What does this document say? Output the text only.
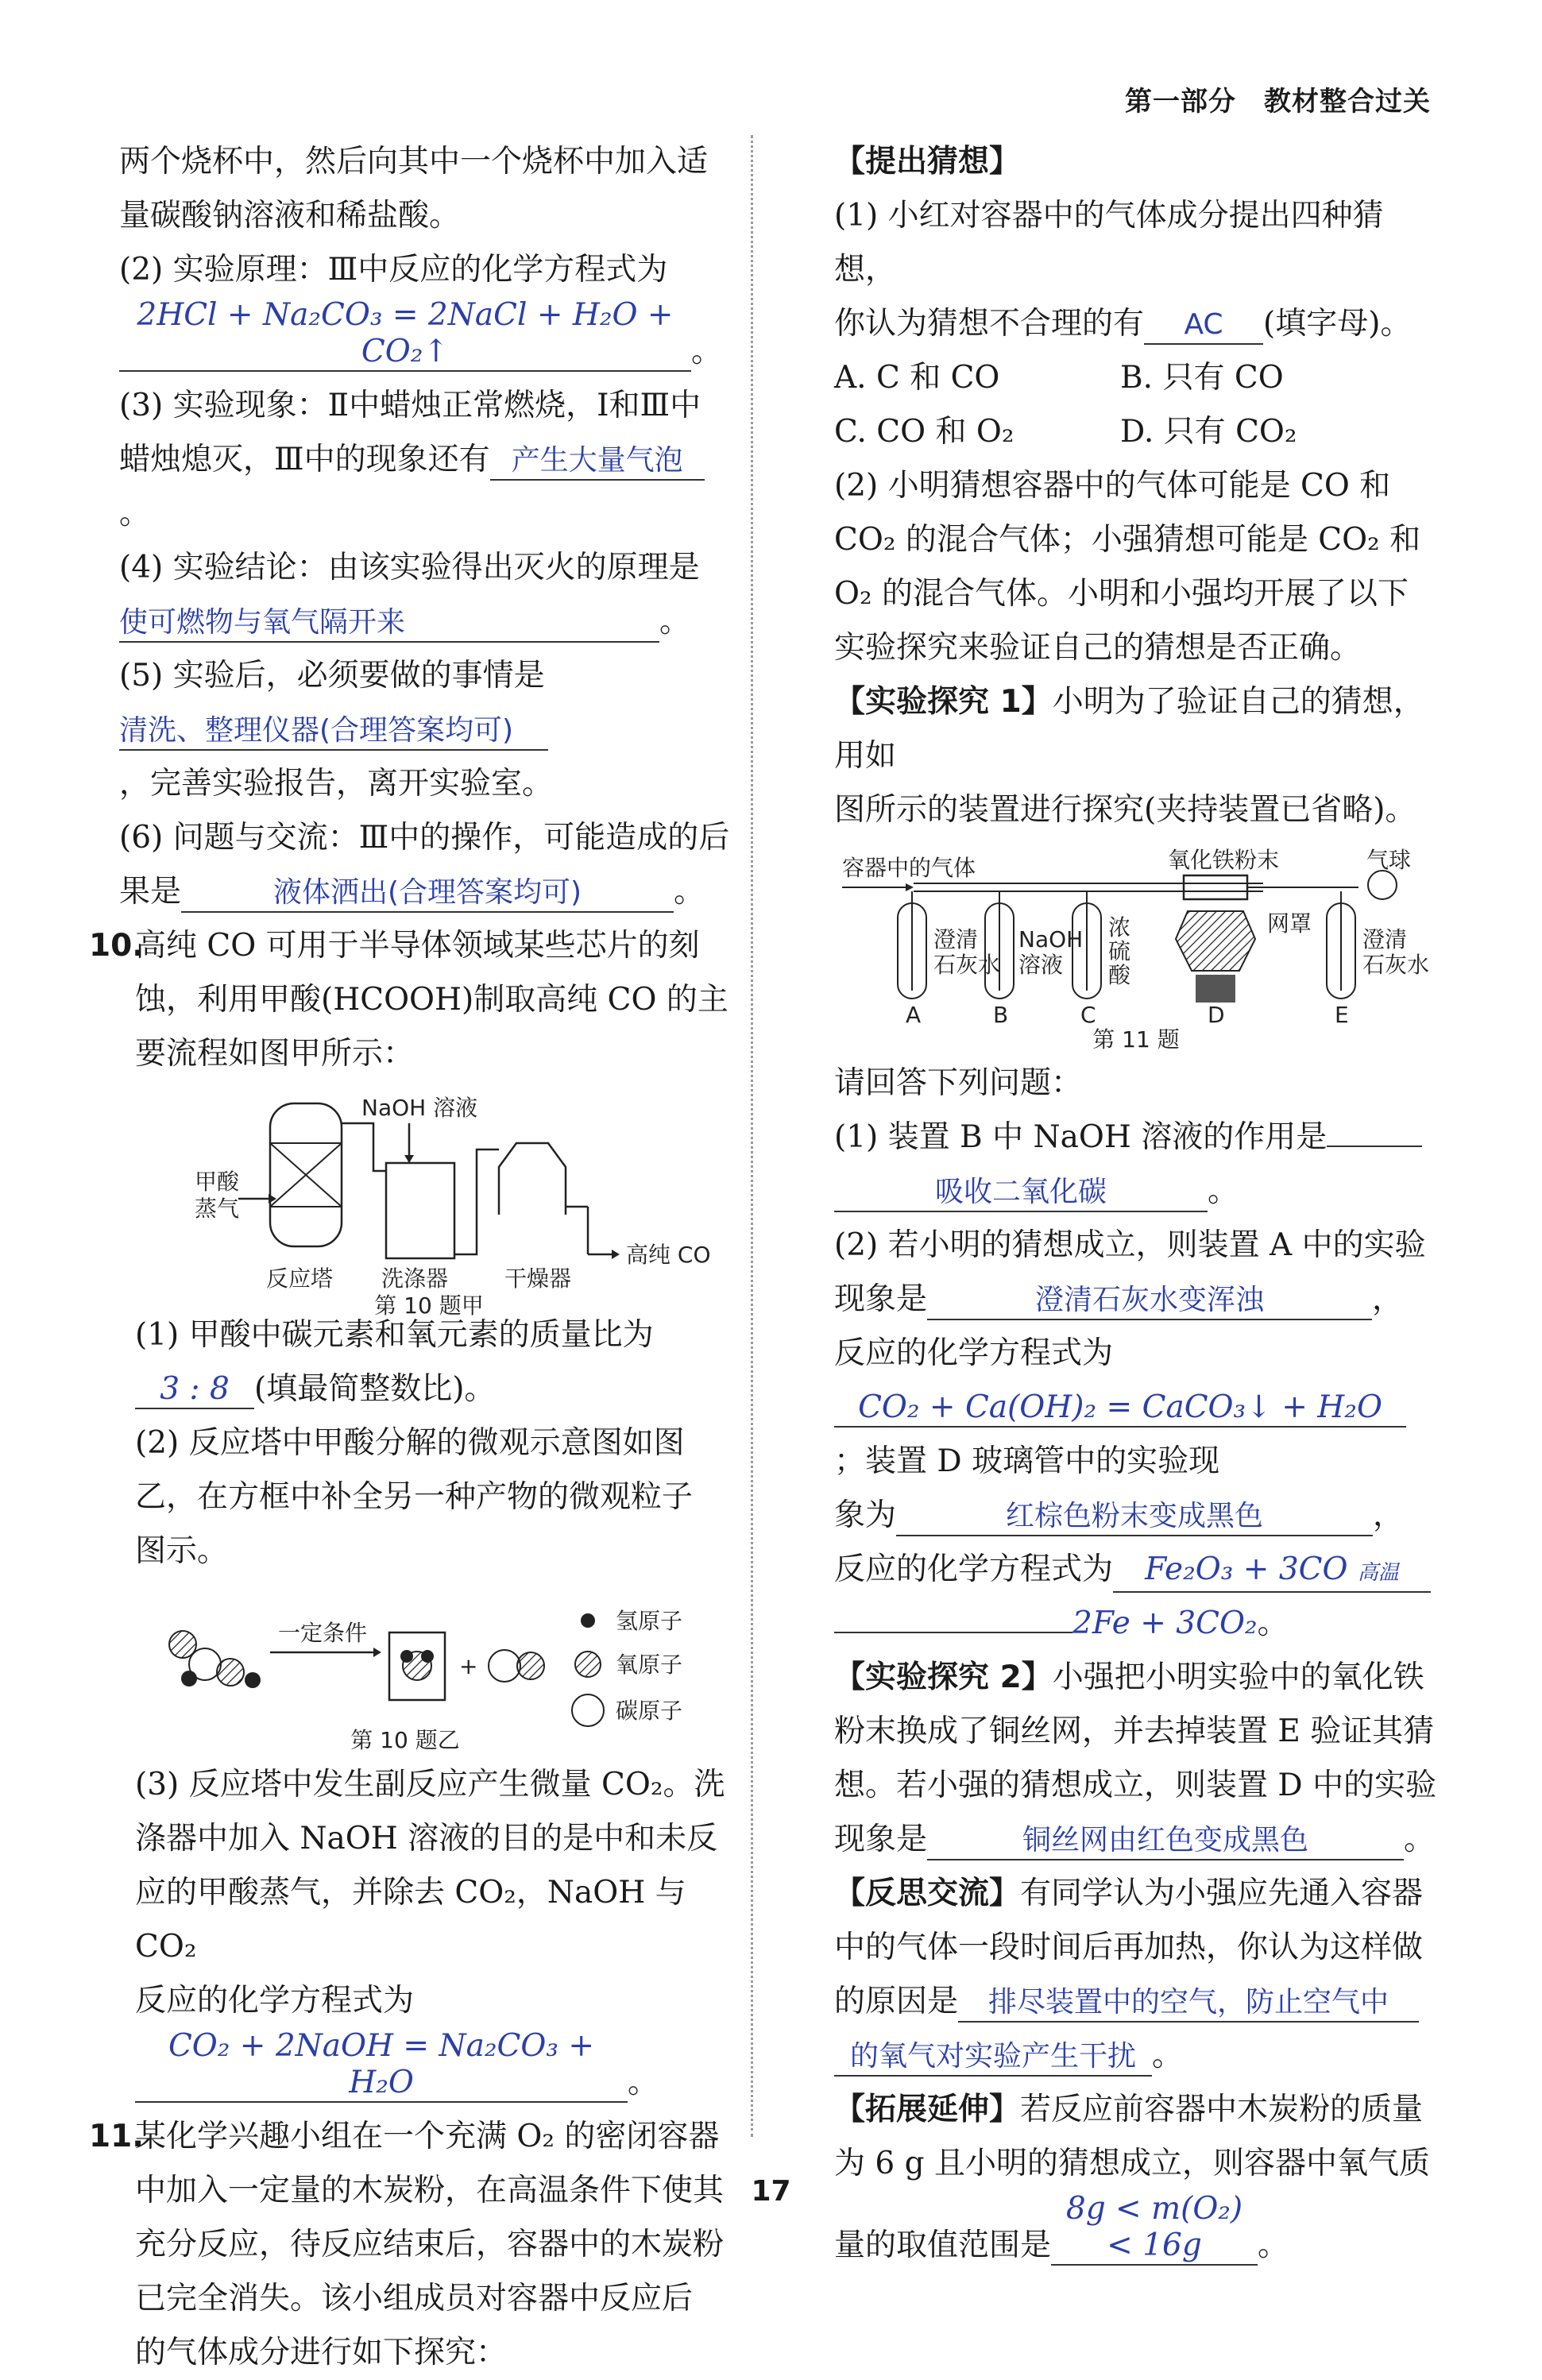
第一部分　教材整合过关

两个烧杯中，然后向其中一个烧杯中加入适

量碳酸钠溶液和稀盐酸。

(2) 实验原理：Ⅲ中反应的化学方程式为

2HCl + Na₂CO₃ = 2NaCl + H₂O + CO₂↑	。

(3) 实验现象：Ⅱ中蜡烛正常燃烧，Ⅰ和Ⅲ中

蜡烛熄灭，Ⅲ中的现象还有 产生大量气泡。

(4) 实验结论：由该实验得出灭火的原理是

使可燃物与氧气隔开来	。

(5) 实验后，必须要做的事情是

清洗、整理仪器(合理答案均可)

，完善实验报告，离开实验室。

(6) 问题与交流：Ⅲ中的操作，可能造成的后

果是	液体洒出(合理答案均可)	。

10.高纯 CO 可用于半导体领域某些芯片的刻

蚀，利用甲酸(HCOOH)制取高纯 CO 的主

要流程如图甲所示：

NaOH 溶液
甲酸
蒸气
反应塔 洗涤器	干燥器
高纯 CO
第 10 题甲

(1) 甲酸中碳元素和氧元素的质量比为

3 : 8 (填最简整数比)。

(2) 反应塔中甲酸分解的微观示意图如图

乙，在方框中补全另一种产物的微观粒子

图示。

一定条件
+
氢原子
氧原子
碳原子
第 10 题乙

(3) 反应塔中发生副反应产生微量 CO₂。洗

涤器中加入 NaOH 溶液的目的是中和未反

应的甲酸蒸气，并除去 CO₂，NaOH 与 CO₂

反应的化学方程式为

CO₂ + 2NaOH = Na₂CO₃ + H₂O	。

11.某化学兴趣小组在一个充满 O₂ 的密闭容器

中加入一定量的木炭粉，在高温条件下使其

充分反应，待反应结束后，容器中的木炭粉

已完全消失。该小组成员对容器中反应后

的气体成分进行如下探究：

【提出猜想】

(1) 小红对容器中的气体成分提出四种猜想，

你认为猜想不合理的有 AC (填字母)。

A. C 和 CO	B. 只有 CO
C. CO 和 O₂	D. 只有 CO₂

(2) 小明猜想容器中的气体可能是 CO 和

CO₂ 的混合气体；小强猜想可能是 CO₂ 和

O₂ 的混合气体。小明和小强均开展了以下

实验探究来验证自己的猜想是否正确。

【实验探究 1】小明为了验证自己的猜想，用如

图所示的装置进行探究(夹持装置已省略)。

容器中的气体	氧化铁粉末	气球
网罩
澄清
石灰水
NaOH
溶液
浓
硫
酸
澄清
石灰水
A	B	C	D	E
第 11 题

请回答下列问题：

(1) 装置 B 中 NaOH 溶液的作用是

吸收二氧化碳	。

(2) 若小明的猜想成立，则装置 A 中的实验

现象是	澄清石灰水变浑浊	，

反应的化学方程式为

CO₂ + Ca(OH)₂ = CaCO₃↓ + H₂O

；装置 D 玻璃管中的实验现

象为	红棕色粉末变成黑色	，

反应的化学方程式为 Fe₂O₃ + 3CO 高温

2Fe + 3CO₂。

【实验探究 2】小强把小明实验中的氧化铁

粉末换成了铜丝网，并去掉装置 E 验证其猜

想。若小强的猜想成立，则装置 D 中的实验

现象是	铜丝网由红色变成黑色	。

【反思交流】有同学认为小强应先通入容器

中的气体一段时间后再加热，你认为这样做

的原因是 排尽装置中的空气，防止空气中

的氧气对实验产生干扰 。

【拓展延伸】若反应前容器中木炭粉的质量

为 6 g 且小明的猜想成立，则容器中氧气质

量的取值范围是8g < m(O₂) < 16g 。

17
